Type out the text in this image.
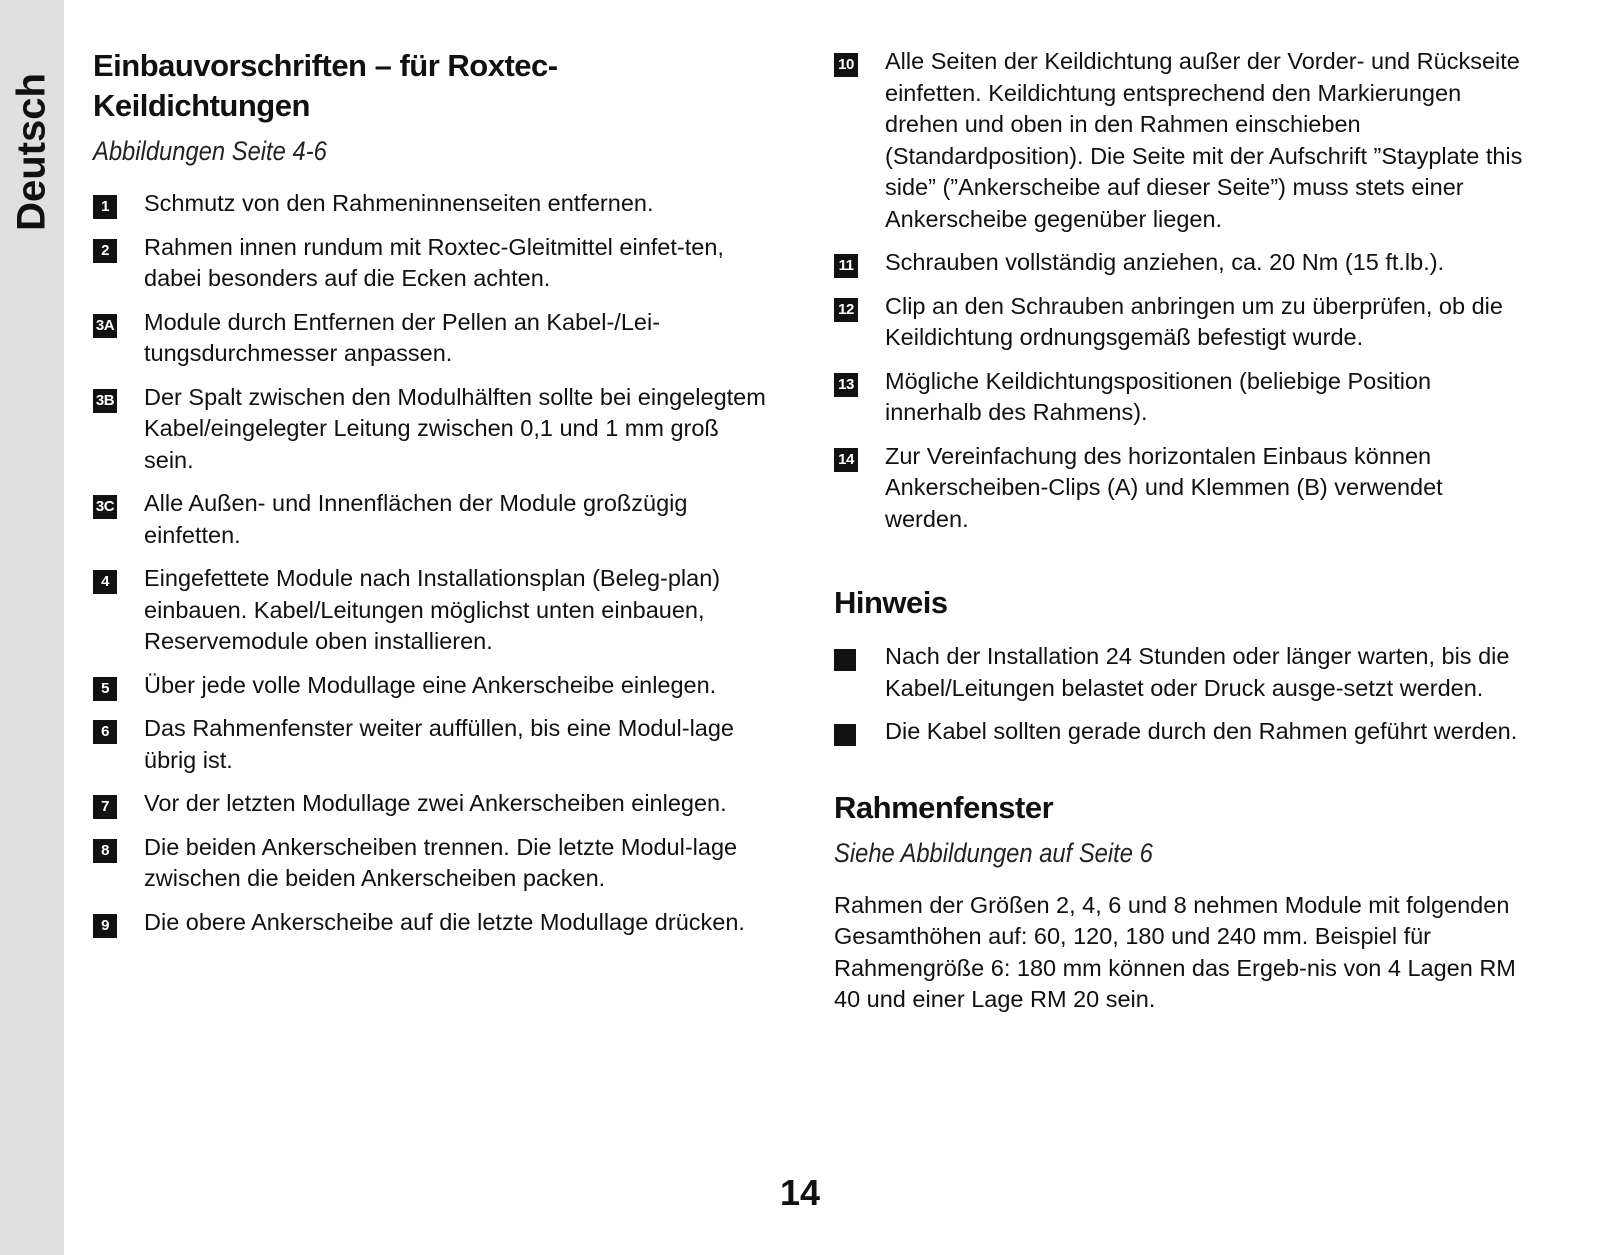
Deutsch
Einbauvorschriften – für Roxtec-Keildichtungen
Abbildungen Seite 4-6
1	Schmutz von den Rahmeninnenseiten entfernen.
2	Rahmen innen rundum mit Roxtec-Gleitmittel einfet-ten, dabei besonders auf die Ecken achten.
3A Module durch Entfernen der Pellen an Kabel-/Lei-tungsdurchmesser anpassen.
3B Der Spalt zwischen den Modulhälften sollte bei eingelegtem Kabel/eingelegter Leitung zwischen 0,1 und 1 mm groß sein.
3C Alle Außen- und Innenflächen der Module großzügig einfetten.
4	Eingefettete Module nach Installationsplan (Beleg-plan) einbauen. Kabel/Leitungen möglichst unten einbauen, Reservemodule oben installieren.
5	Über jede volle Modullage eine Ankerscheibe einlegen.
6	Das Rahmenfenster weiter auffüllen, bis eine Modul-lage übrig ist.
7	Vor der letzten Modullage zwei Ankerscheiben einlegen.
8	Die beiden Ankerscheiben trennen. Die letzte Modul-lage zwischen die beiden Ankerscheiben packen.
9	Die obere Ankerscheibe auf die letzte Modullage drücken.
10 Alle Seiten der Keildichtung außer der Vorder- und Rückseite einfetten. Keildichtung entsprechend den Markierungen drehen und oben in den Rahmen einschieben (Standardposition). Die Seite mit der Aufschrift ”Stayplate this side” (”Ankerscheibe auf dieser Seite”) muss stets einer Ankerscheibe gegenüber liegen.
11 Schrauben vollständig anziehen, ca. 20 Nm (15 ft.lb.).
12 Clip an den Schrauben anbringen um zu überprüfen, ob die Keildichtung ordnungsgemäß befestigt wurde.
13 Mögliche Keildichtungspositionen (beliebige Position innerhalb des Rahmens).
14 Zur Vereinfachung des horizontalen Einbaus können Ankerscheiben-Clips (A) und Klemmen (B) verwendet werden.
Hinweis
Nach der Installation 24 Stunden oder länger warten, bis die Kabel/Leitungen belastet oder Druck ausge-setzt werden.
Die Kabel sollten gerade durch den Rahmen geführt werden.
Rahmenfenster
Siehe Abbildungen auf Seite 6

Rahmen der Größen 2, 4, 6 und 8 nehmen Module mit folgenden Gesamthöhen auf: 60, 120, 180 und 240 mm. Beispiel für Rahmengröße 6: 180 mm können das Ergeb-nis von 4 Lagen RM 40 und einer Lage RM 20 sein.

14
